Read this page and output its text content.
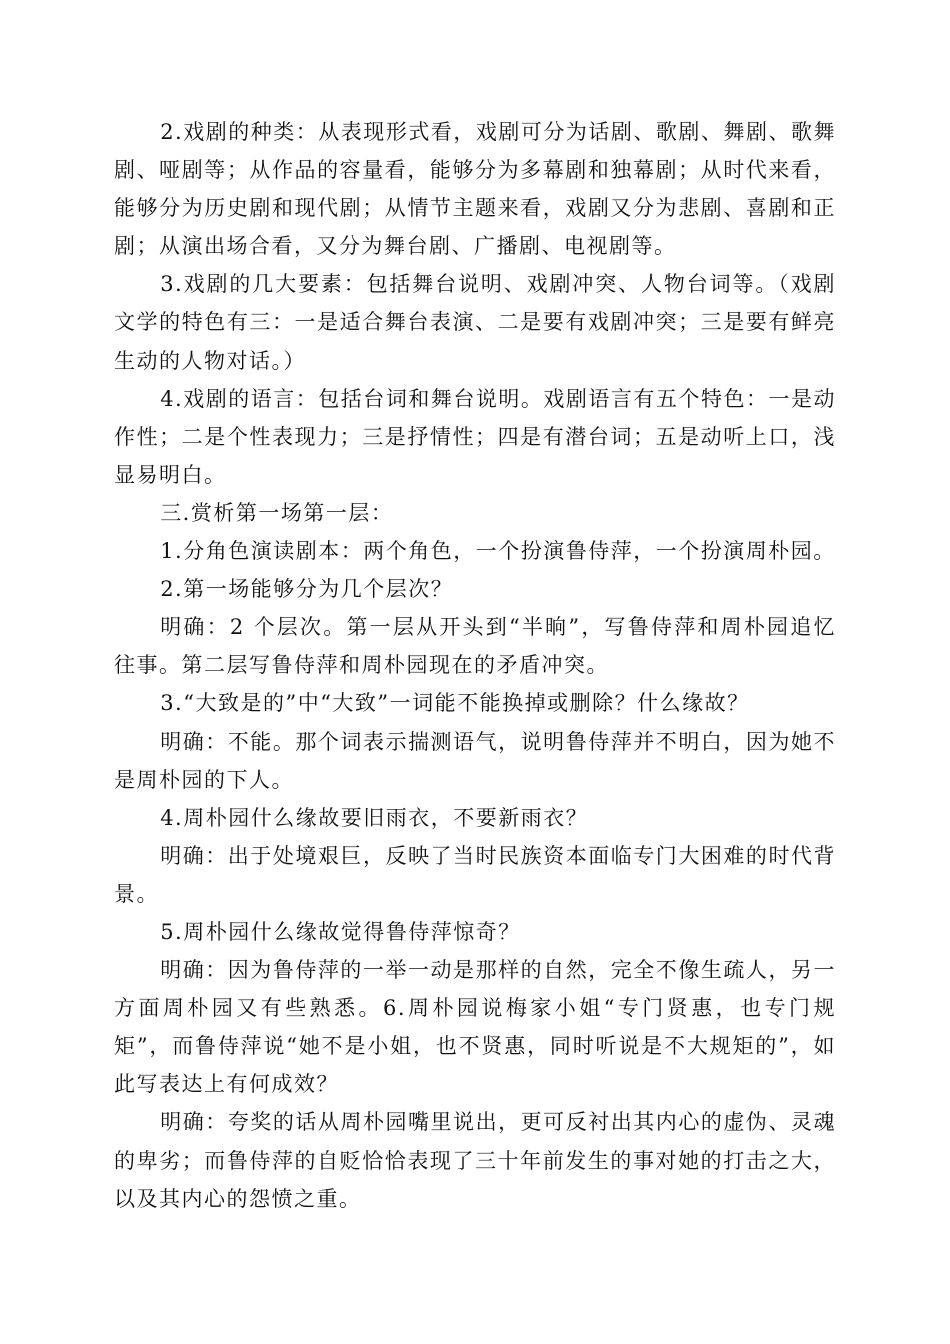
2.戏剧的种类：从表现形式看，戏剧可分为话剧、歌剧、舞剧、歌舞剧、哑剧等；从作品的容量看，能够分为多幕剧和独幕剧；从时代来看，能够分为历史剧和现代剧；从情节主题来看，戏剧又分为悲剧、喜剧和正剧；从演出场合看，又分为舞台剧、广播剧、电视剧等。

3.戏剧的几大要素：包括舞台说明、戏剧冲突、人物台词等。（戏剧文学的特色有三：一是适合舞台表演、二是要有戏剧冲突；三是要有鲜亮生动的人物对话。）

4.戏剧的语言：包括台词和舞台说明。戏剧语言有五个特色：一是动作性；二是个性表现力；三是抒情性；四是有潜台词；五是动听上口，浅显易明白。

三.赏析第一场第一层：

1.分角色演读剧本：两个角色，一个扮演鲁侍萍，一个扮演周朴园。

2.第一场能够分为几个层次？

明确：2 个层次。第一层从开头到“半晌”，写鲁侍萍和周朴园追忆往事。第二层写鲁侍萍和周朴园现在的矛盾冲突。

3.“大致是的”中“大致”一词能不能换掉或删除？什么缘故？

明确：不能。那个词表示揣测语气，说明鲁侍萍并不明白，因为她不是周朴园的下人。

4.周朴园什么缘故要旧雨衣，不要新雨衣？

明确：出于处境艰巨，反映了当时民族资本面临专门大困难的时代背景。

5.周朴园什么缘故觉得鲁侍萍惊奇？

明确：因为鲁侍萍的一举一动是那样的自然，完全不像生疏人，另一方面周朴园又有些熟悉。6.周朴园说梅家小姐“专门贤惠，也专门规矩”，而鲁侍萍说“她不是小姐，也不贤惠，同时听说是不大规矩的”，如此写表达上有何成效？

明确：夸奖的话从周朴园嘴里说出，更可反衬出其内心的虚伪、灵魂的卑劣；而鲁侍萍的自贬恰恰表现了三十年前发生的事对她的打击之大，以及其内心的怨愤之重。
